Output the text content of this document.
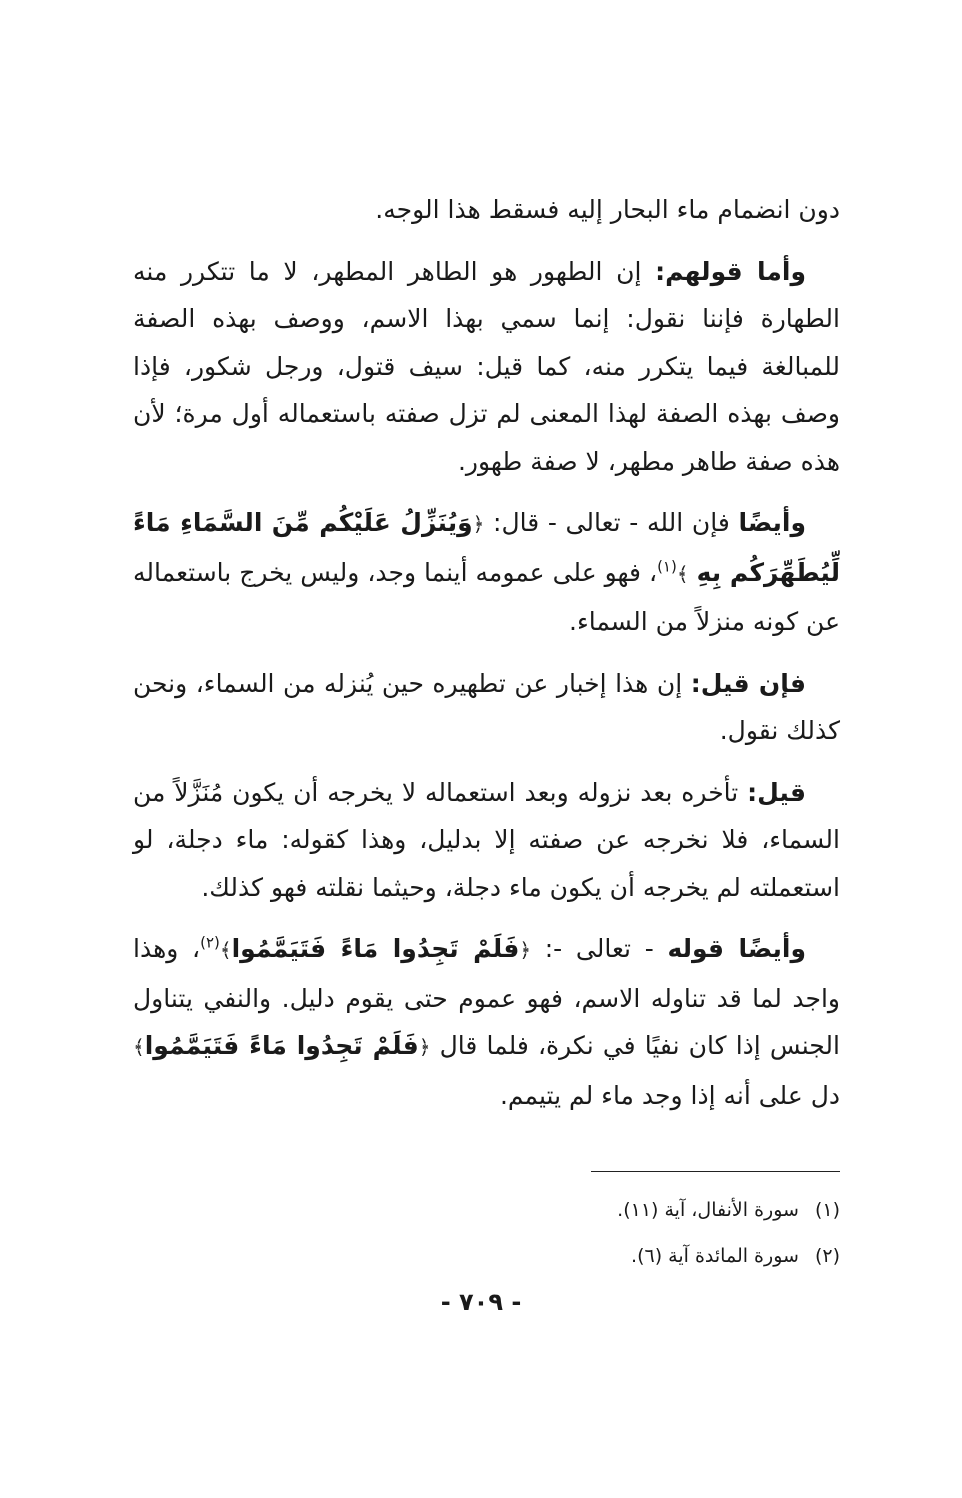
دون انضمام ماء البحار إليه فسقط هذا الوجه.

وأما قولهم: إن الطهور هو الطاهر المطهر، لا ما تتكرر منه الطهارة فإننا نقول: إنما سمي بهذا الاسم، ووصف بهذه الصفة للمبالغة فيما يتكرر منه، كما قيل: سيف قتول، ورجل شكور، فإذا وصف بهذه الصفة لهذا المعنى لم تزل صفته باستعماله أول مرة؛ لأن هذه صفة طاهر مطهر، لا صفة طهور.

وأيضًا فإن الله - تعالى - قال: ﴿وَيُنَزِّلُ عَلَيْكُم مِّنَ السَّمَاءِ مَاءً لِّيُطَهِّرَكُم بِهِ ﴾$^{(١)}$، فهو على عمومه أينما وجد، وليس يخرج باستعماله عن كونه منزلاً من السماء.

فإن قيل: إن هذا إخبار عن تطهيره حين يُنزله من السماء، ونحن كذلك نقول.

قيل: تأخره بعد نزوله وبعد استعماله لا يخرجه أن يكون مُنَزَّلاً من السماء، فلا نخرجه عن صفته إلا بدليل، وهذا كقوله: ماء دجلة، لو استعملته لم يخرجه أن يكون ماء دجلة، وحيثما نقلته فهو كذلك.

وأيضًا قوله - تعالى -: ﴿فَلَمْ تَجِدُوا مَاءً فَتَيَمَّمُوا﴾$^{(٢)}$، وهذا واجد لما قد تناوله الاسم، فهو عموم حتى يقوم دليل. والنفي يتناول الجنس إذا كان نفيًا في نكرة، فلما قال ﴿فَلَمْ تَجِدُوا مَاءً فَتَيَمَّمُوا﴾ دل على أنه إذا وجد ماء لم يتيمم.

(١)سورة الأنفال، آية (١١).
(٢)سورة المائدة آية (٦).
- ٧٠٩ -
